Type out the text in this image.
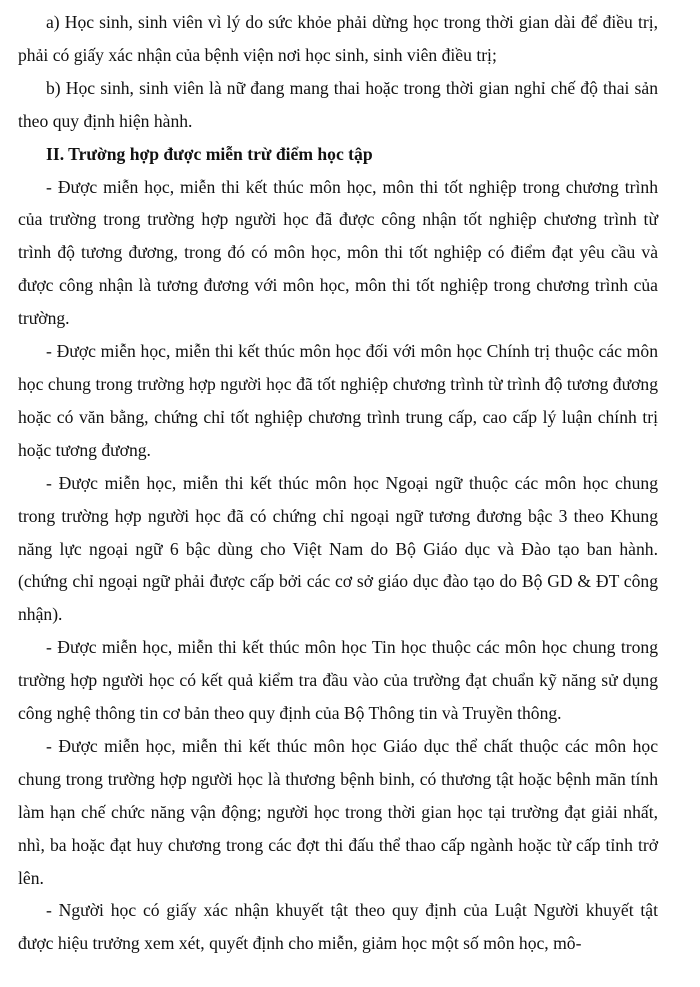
a) Học sinh, sinh viên vì lý do sức khỏe phải dừng học trong thời gian dài để điều trị, phải có giấy xác nhận của bệnh viện nơi học sinh, sinh viên điều trị;

b) Học sinh, sinh viên là nữ đang mang thai hoặc trong thời gian nghỉ chế độ thai sản theo quy định hiện hành.

II. Trường hợp được miễn trừ điểm học tập

- Được miễn học, miễn thi kết thúc môn học, môn thi tốt nghiệp trong chương trình của trường trong trường hợp người học đã được công nhận tốt nghiệp chương trình từ trình độ tương đương, trong đó có môn học, môn thi tốt nghiệp có điểm đạt yêu cầu và được công nhận là tương đương với môn học, môn thi tốt nghiệp trong chương trình của trường.

- Được miễn học, miễn thi kết thúc môn học đối với môn học Chính trị thuộc các môn học chung trong trường hợp người học đã tốt nghiệp chương trình từ trình độ tương đương hoặc có văn bằng, chứng chỉ tốt nghiệp chương trình trung cấp, cao cấp lý luận chính trị hoặc tương đương.

- Được miễn học, miễn thi kết thúc môn học Ngoại ngữ thuộc các môn học chung trong trường hợp người học đã có chứng chỉ ngoại ngữ tương đương bậc 3 theo Khung năng lực ngoại ngữ 6 bậc dùng cho Việt Nam do Bộ Giáo dục và Đào tạo ban hành. (chứng chỉ ngoại ngữ phải được cấp bởi các cơ sở giáo dục đào tạo do Bộ GD & ĐT công nhận).

- Được miễn học, miễn thi kết thúc môn học Tin học thuộc các môn học chung trong trường hợp người học có kết quả kiểm tra đầu vào của trường đạt chuẩn kỹ năng sử dụng công nghệ thông tin cơ bản theo quy định của Bộ Thông tin và Truyền thông.

- Được miễn học, miễn thi kết thúc môn học Giáo dục thể chất thuộc các môn học chung trong trường hợp người học là thương bệnh binh, có thương tật hoặc bệnh mãn tính làm hạn chế chức năng vận động; người học trong thời gian học tại trường đạt giải nhất, nhì, ba hoặc đạt huy chương trong các đợt thi đấu thể thao cấp ngành hoặc từ cấp tỉnh trở lên.

- Người học có giấy xác nhận khuyết tật theo quy định của Luật Người khuyết tật được hiệu trưởng xem xét, quyết định cho miễn, giảm học một số môn học, mô-
